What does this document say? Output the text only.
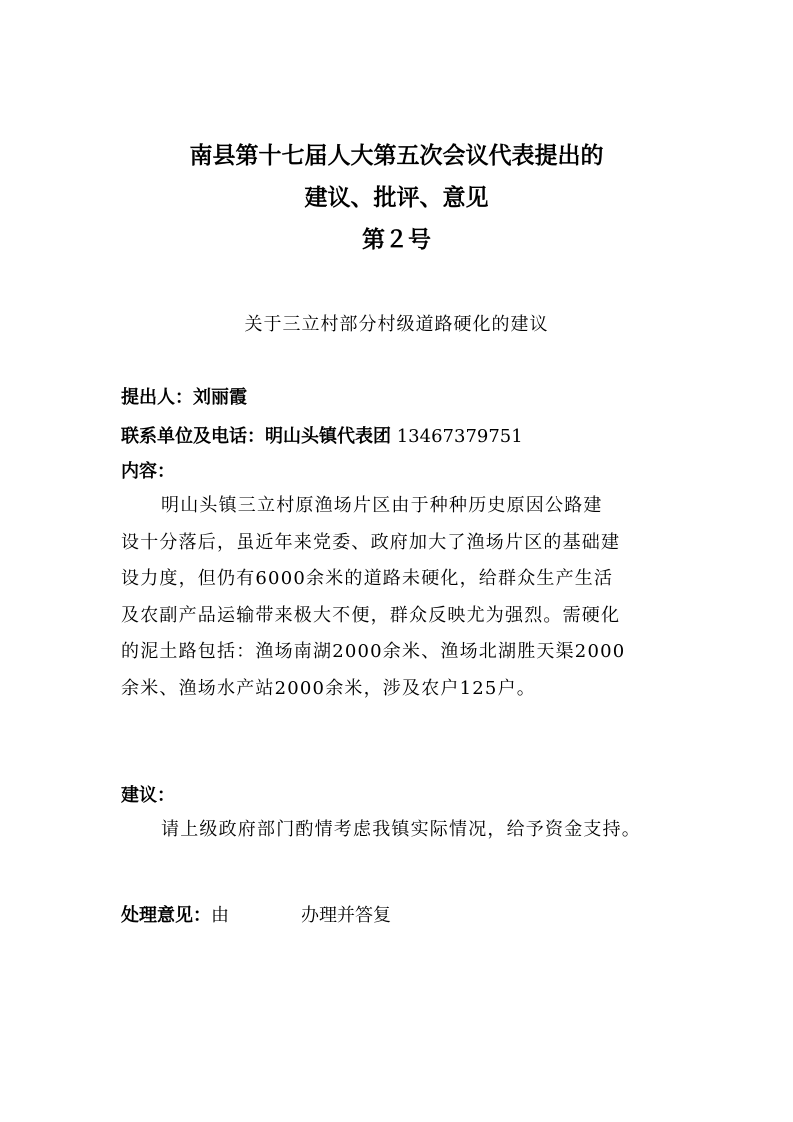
南县第十七届人大第五次会议代表提出的
建议、批评、意见
第２号
关于三立村部分村级道路硬化的建议
提出人：刘丽霞
联系单位及电话：明山头镇代表团 13467379751
内容：
明山头镇三立村原渔场片区由于种种历史原因公路建
设十分落后，虽近年来党委、政府加大了渔场片区的基础建
设力度，但仍有6000余米的道路未硬化，给群众生产生活
及农副产品运输带来极大不便，群众反映尤为强烈。需硬化
的泥土路包括：渔场南湖2000余米、渔场北湖胜天渠2000
余米、渔场水产站2000余米，涉及农户125户。
建议：
请上级政府部门酌情考虑我镇实际情况，给予资金支持。
处理意见：由	办理并答复
